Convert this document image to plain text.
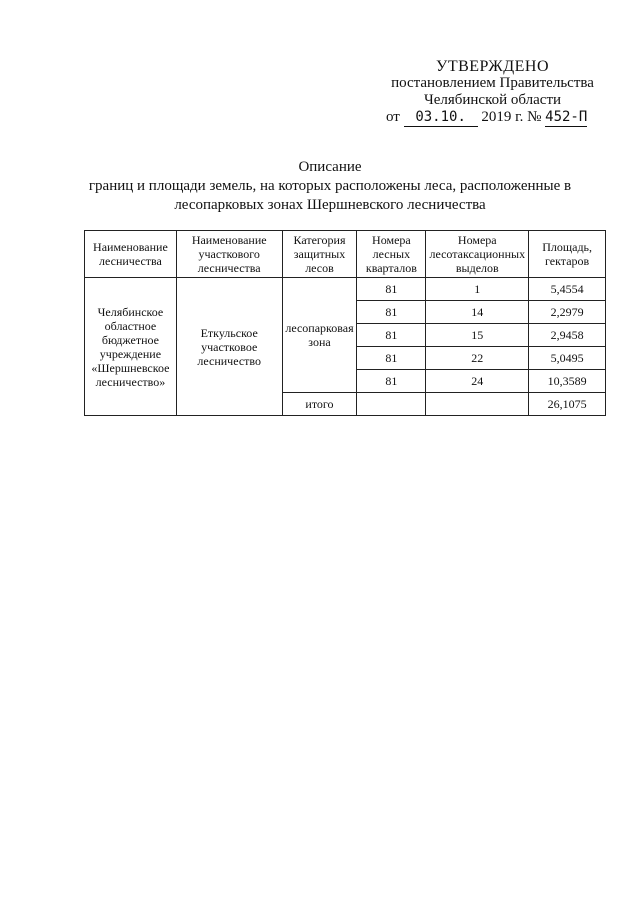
УТВЕРЖДЕНО
постановлением Правительства
Челябинской области
от 03.10. 2019 г. № 452-П
Описание
границ и площади земель, на которых расположены леса, расположенные в
лесопарковых зонах Шершневского лесничества
Наименование лесничества	Наименование участкового лесничества	Категория защитных лесов	Номера лесных кварталов	Номера лесотаксационных выделов	Площадь, гектаров
Челябинское областное бюджетное учреждение «Шершневское лесничество»	Еткульское участковое лесничество	лесопарковая зона	81	1	5,4554
			81	14	2,2979
			81	15	2,9458
			81	22	5,0495
			81	24	10,3589
		итого			26,1075
